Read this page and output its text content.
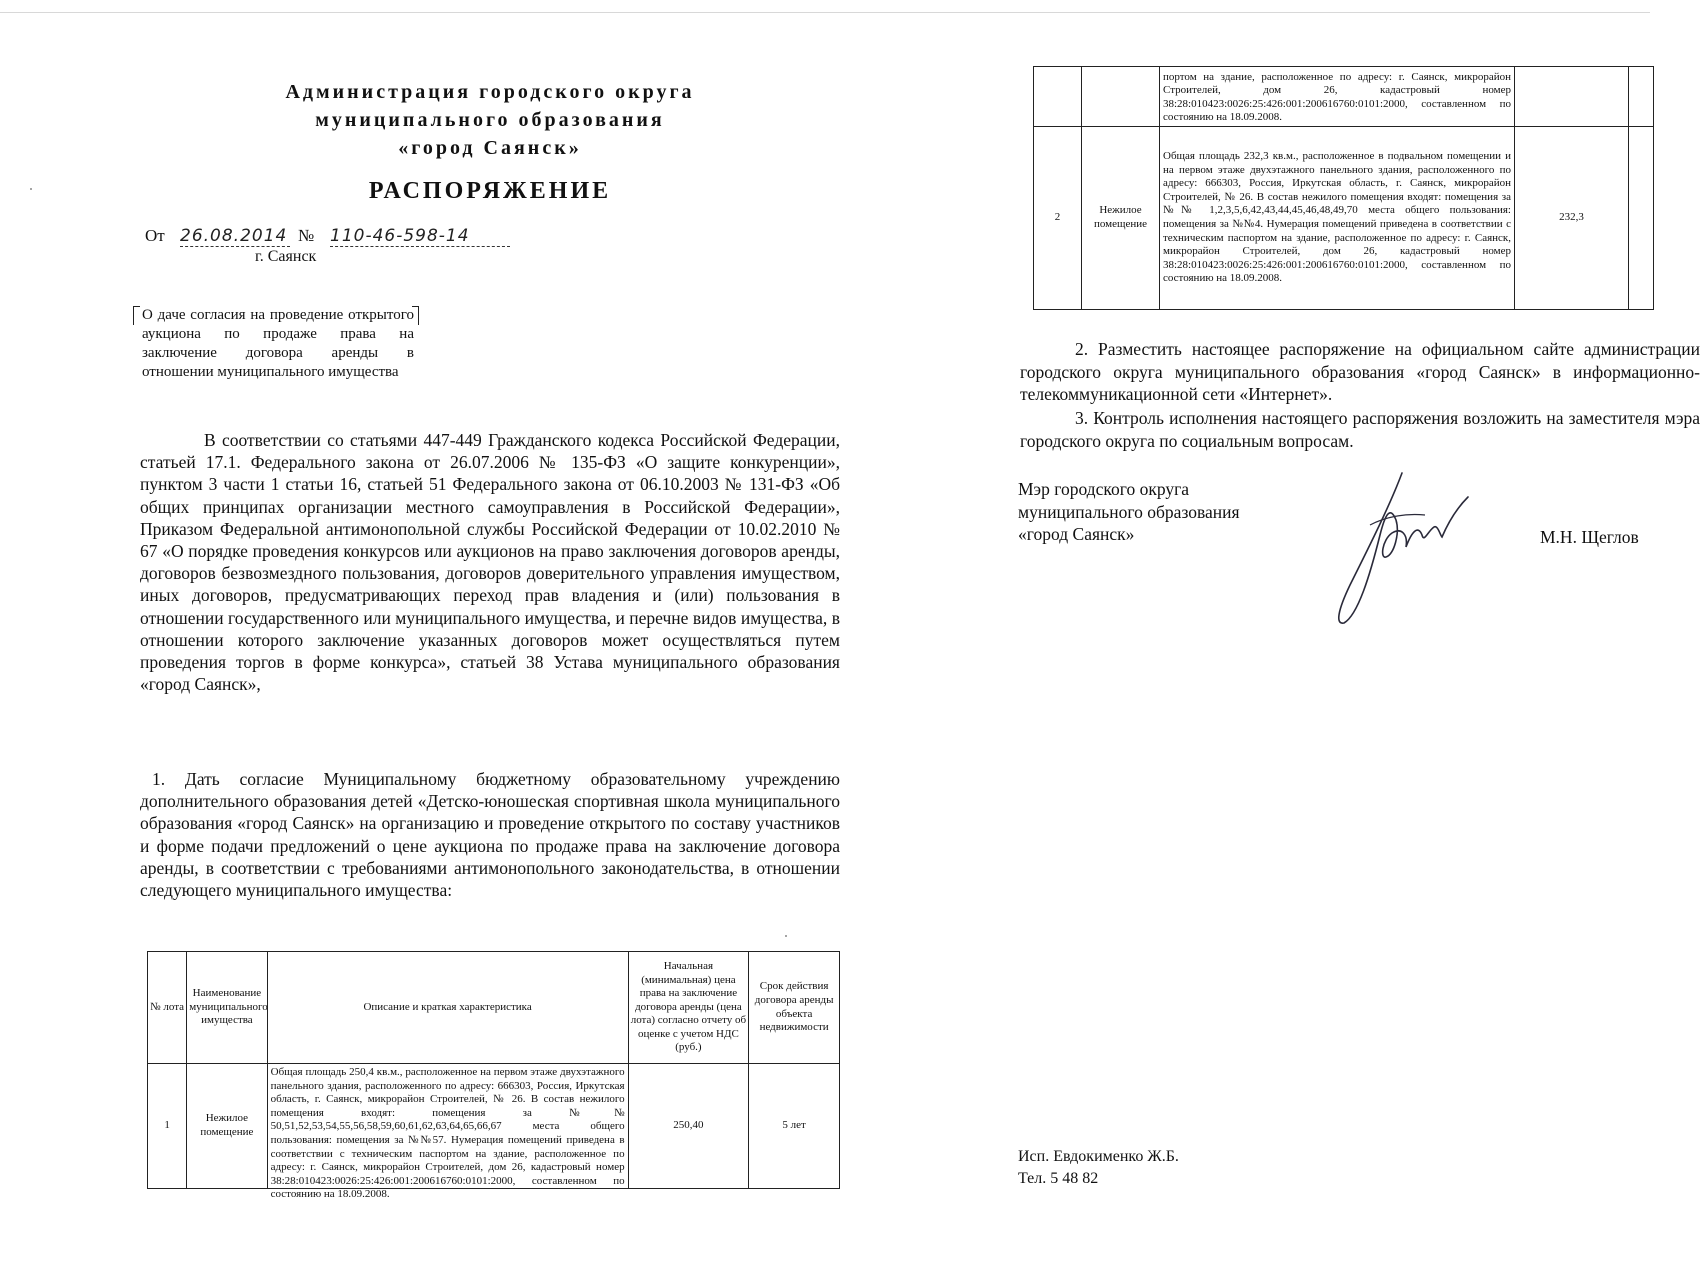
Администрация городского округа
муниципального образования
«город Саянск»
РАСПОРЯЖЕНИЕ
От 26.08.2014 № 110-46-598-14
г. Саянск
О даче согласия на проведение открытого аукциона по продаже права на заключение договора аренды в отношении муниципального имущества
В соответствии со статьями 447-449 Гражданского кодекса Российской Федерации, статьей 17.1. Федерального закона от 26.07.2006 № 135-ФЗ «О защите конкуренции», пунктом 3 части 1 статьи 16, статьей 51 Федерального закона от 06.10.2003 № 131-ФЗ «Об общих принципах организации местного самоуправления в Российской Федерации», Приказом Федеральной антимонопольной службы Российской Федерации от 10.02.2010 № 67 «О порядке проведения конкурсов или аукционов на право заключения договоров аренды, договоров безвозмездного пользования, договоров доверительного управления имуществом, иных договоров, предусматривающих переход прав владения и (или) пользования в отношении государственного или муниципального имущества, и перечне видов имущества, в отношении которого заключение указанных договоров может осуществляться путем проведения торгов в форме конкурса», статьей 38 Устава муниципального образования «город Саянск»,
1. Дать согласие Муниципальному бюджетному образовательному учреждению дополнительного образования детей «Детско-юношеская спортивная школа муниципального образования «город Саянск» на организацию и проведение открытого по составу участников и форме подачи предложений о цене аукциона по продаже права на заключение договора аренды, в соответствии с требованиями антимонопольного законодательства, в отношении следующего муниципального имущества:
№ лота	Наименование муниципального имущества	Описание и краткая характеристика	Начальная (минимальная) цена права на заключение договора аренды (цена лота) согласно отчету об оценке с учетом НДС (руб.)	Срок действия договора аренды объекта недвижимости
1	Нежилое помещение	Общая площадь 250,4 кв.м., расположенное на первом этаже двухэтажного панельного здания, расположенного по адресу: 666303, Россия, Иркутская область, г. Саянск, микрорайон Строителей, № 26. В состав нежилого помещения входят: помещения за №№ 50,51,52,53,54,55,56,58,59,60,61,62,63,64,65,66,67 места общего пользования: помещения за №№57. Нумерация помещений приведена в соответствии с техническим паспортом на здание, расположенное по адресу: г. Саянск, микрорайон Строителей, дом 26, кадастровый номер 38:28:010423:0026:25:426:001:200616760:0101:2000, составленном по состоянию на 18.09.2008.	250,40	5 лет

		портом на здание, расположенное по адресу: г. Саянск, микрорайон Строителей, дом 26, кадастровый номер 38:28:010423:0026:25:426:001:200616760:0101:2000, составленном по состоянию на 18.09.2008.		

2	Нежилое помещение	Общая площадь 232,3 кв.м., расположенное в подвальном помещении и на первом этаже двухэтажного панельного здания, расположенного по адресу: 666303, Россия, Иркутская область, г. Саянск, микрорайон Строителей, № 26. В состав нежилого помещения входят: помещения за №№ 1,2,3,5,6,42,43,44,45,46,48,49,70 места общего пользования: помещения за №№4. Нумерация помещений приведена в соответствии с техническим паспортом на здание, расположенное по адресу: г. Саянск, микрорайон Строителей, дом 26, кадастровый номер 38:28:010423:0026:25:426:001:200616760:0101:2000, составленном по состоянию на 18.09.2008.	232,3	
2. Разместить настоящее распоряжение на официальном сайте администрации городского округа муниципального образования «город Саянск» в информационно-телекоммуникационной сети «Интернет».
3. Контроль исполнения настоящего распоряжения возложить на заместителя мэра городского округа по социальным вопросам.
Мэр городского округа
муниципального образования
«город Саянск»	М.Н. Щеглов
Исп. Евдокименко Ж.Б.
Тел. 5 48 82
